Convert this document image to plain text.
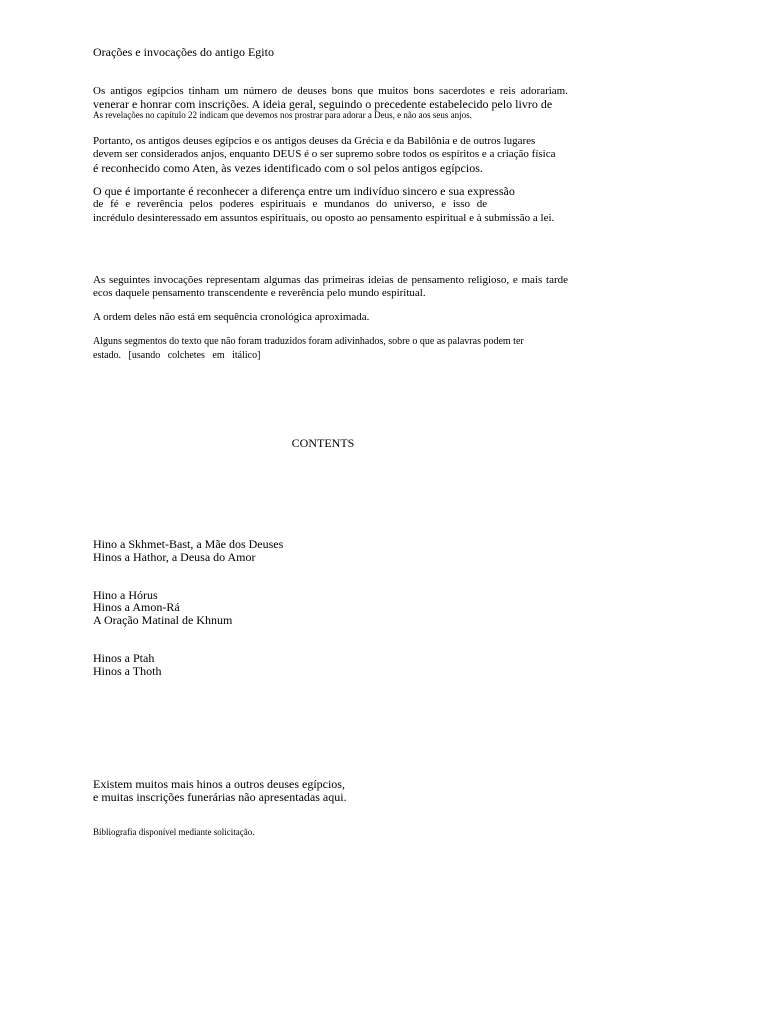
Orações e invocações do antigo Egito
Os antigos egípcios tinham um número de deuses bons que muitos bons sacerdotes e reis adorariam.
venerar e honrar com inscrições. A ideia geral, seguindo o precedente estabelecido pelo livro de
As revelações no capítulo 22 indicam que devemos nos prostrar para adorar a Deus, e não aos seus anjos.
Portanto, os antigos deuses egípcios e os antigos deuses da Grécia e da Babilônia e de outros lugares
devem ser considerados anjos, enquanto DEUS é o ser supremo sobre todos os espíritos e a criação física
é reconhecido como Aten, às vezes identificado com o sol pelos antigos egípcios.
O que é importante é reconhecer a diferença entre um indivíduo sincero e sua expressão
de fé e reverência pelos poderes espirituais e mundanos do universo, e isso de
incrédulo desinteressado em assuntos espirituais, ou oposto ao pensamento espiritual e à submissão a lei.
As seguintes invocações representam algumas das primeiras ideias de pensamento religioso, e mais tarde
ecos daquele pensamento transcendente e reverência pelo mundo espiritual.
A ordem deles não está em sequência cronológica aproximada.
Alguns segmentos do texto que não foram traduzidos foram adivinhados, sobre o que as palavras podem ter
estado.   [usando   colchetes   em   itálico]
CONTENTS
Hino a Skhmet-Bast, a Mãe dos Deuses
Hinos a Hathor, a Deusa do Amor
Hino a Hórus
Hinos a Amon-Rá
A Oração Matinal de Khnum
Hinos a Ptah
Hinos a Thoth
Existem muitos mais hinos a outros deuses egípcios,
e muitas inscrições funerárias não apresentadas aqui.
Bibliografia disponível mediante solicitação.
